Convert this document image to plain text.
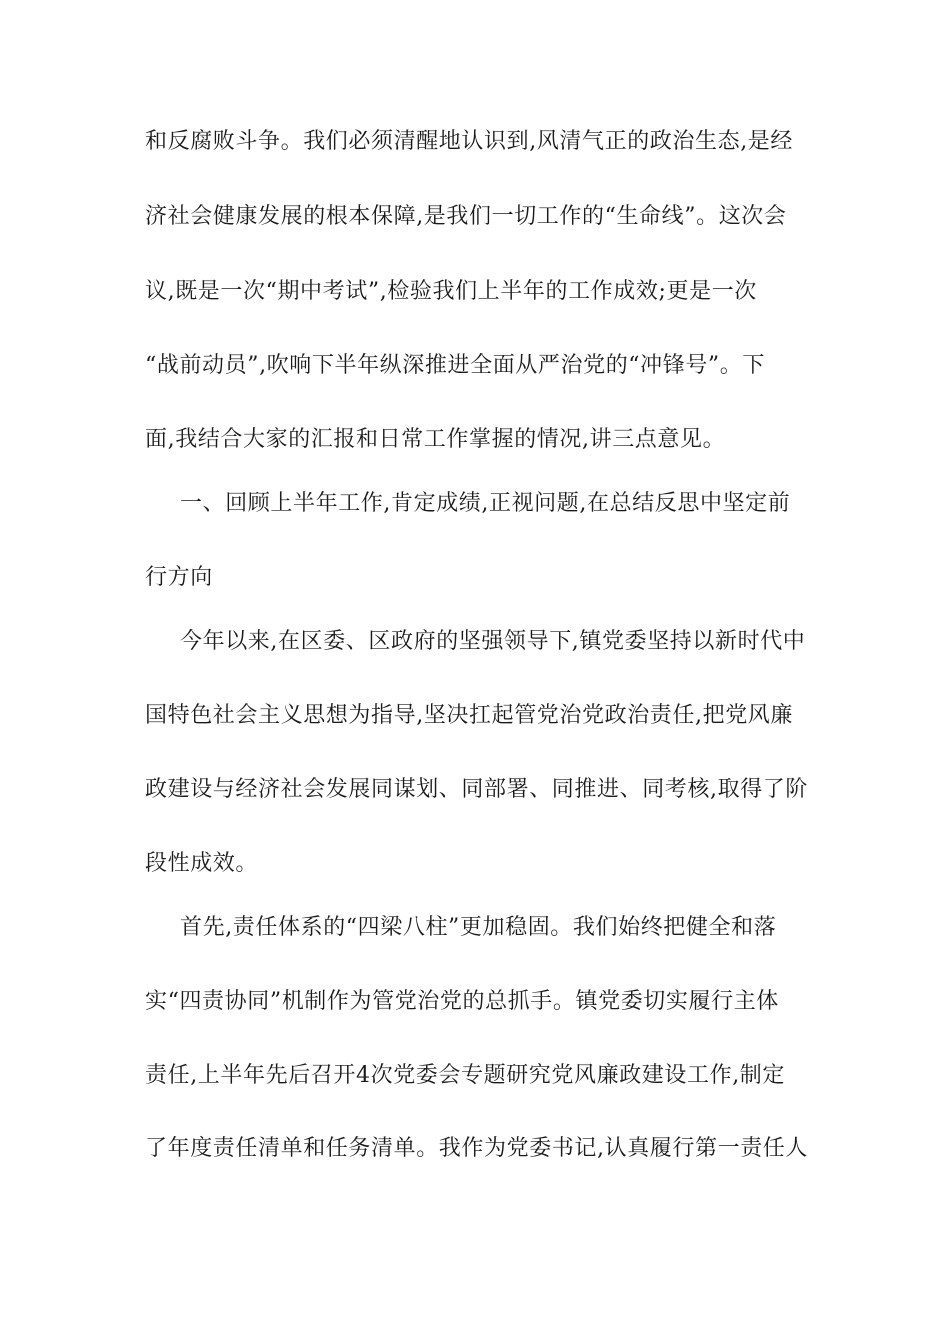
和反腐败斗争。我们必须清醒地认识到,风清气正的政治生态,是经
济社会健康发展的根本保障,是我们一切工作的“生命线”。这次会
议,既是一次“期中考试”,检验我们上半年的工作成效;更是一次
“战前动员”,吹响下半年纵深推进全面从严治党的“冲锋号”。下
面,我结合大家的汇报和日常工作掌握的情况,讲三点意见。
一、回顾上半年工作,肯定成绩,正视问题,在总结反思中坚定前
行方向
今年以来,在区委、区政府的坚强领导下,镇党委坚持以新时代中
国特色社会主义思想为指导,坚决扛起管党治党政治责任,把党风廉
政建设与经济社会发展同谋划、同部署、同推进、同考核,取得了阶
段性成效。
首先,责任体系的“四梁八柱”更加稳固。我们始终把健全和落
实“四责协同”机制作为管党治党的总抓手。镇党委切实履行主体
责任,上半年先后召开4次党委会专题研究党风廉政建设工作,制定
了年度责任清单和任务清单。我作为党委书记,认真履行第一责任人
